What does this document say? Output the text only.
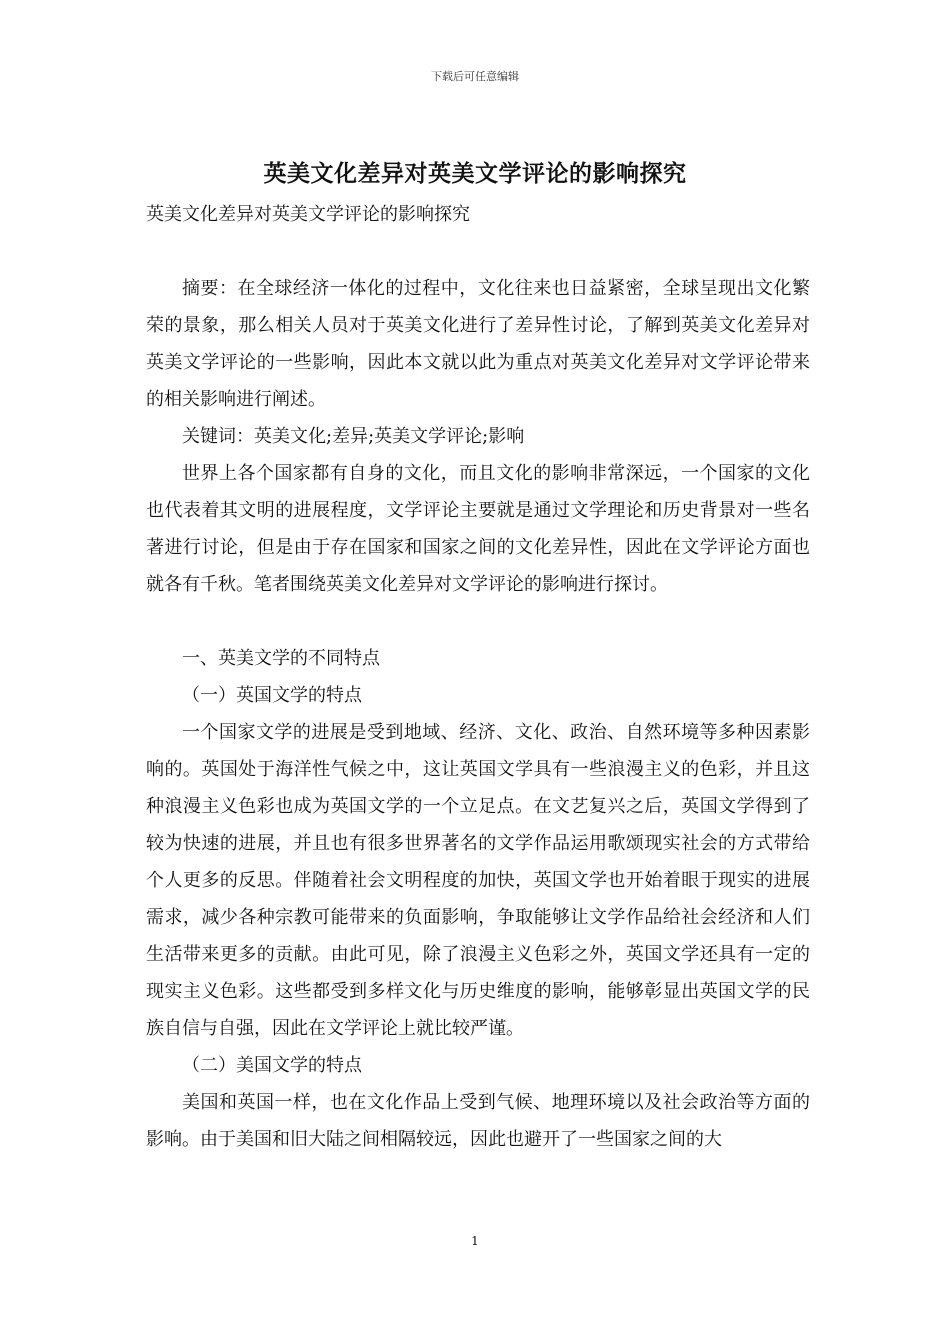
下载后可任意编辑
英美文化差异对英美文学评论的影响探究
英美文化差异对英美文学评论的影响探究

摘要：在全球经济一体化的过程中，文化往来也日益紧密，全球呈现出文化繁荣的景象，那么相关人员对于英美文化进行了差异性讨论，了解到英美文化差异对英美文学评论的一些影响，因此本文就以此为重点对英美文化差异对文学评论带来的相关影响进行阐述。

关键词：英美文化;差异;英美文学评论;影响

世界上各个国家都有自身的文化，而且文化的影响非常深远，一个国家的文化也代表着其文明的进展程度，文学评论主要就是通过文学理论和历史背景对一些名著进行讨论，但是由于存在国家和国家之间的文化差异性，因此在文学评论方面也就各有千秋。笔者围绕英美文化差异对文学评论的影响进行探讨。

一、英美文学的不同特点

（一）英国文学的特点

一个国家文学的进展是受到地域、经济、文化、政治、自然环境等多种因素影响的。英国处于海洋性气候之中，这让英国文学具有一些浪漫主义的色彩，并且这种浪漫主义色彩也成为英国文学的一个立足点。在文艺复兴之后，英国文学得到了较为快速的进展，并且也有很多世界著名的文学作品运用歌颂现实社会的方式带给个人更多的反思。伴随着社会文明程度的加快，英国文学也开始着眼于现实的进展需求，减少各种宗教可能带来的负面影响，争取能够让文学作品给社会经济和人们生活带来更多的贡献。由此可见，除了浪漫主义色彩之外，英国文学还具有一定的现实主义色彩。这些都受到多样文化与历史维度的影响，能够彰显出英国文学的民族自信与自强，因此在文学评论上就比较严谨。

（二）美国文学的特点

美国和英国一样，也在文化作品上受到气候、地理环境以及社会政治等方面的影响。由于美国和旧大陆之间相隔较远，因此也避开了一些国家之间的大

1
